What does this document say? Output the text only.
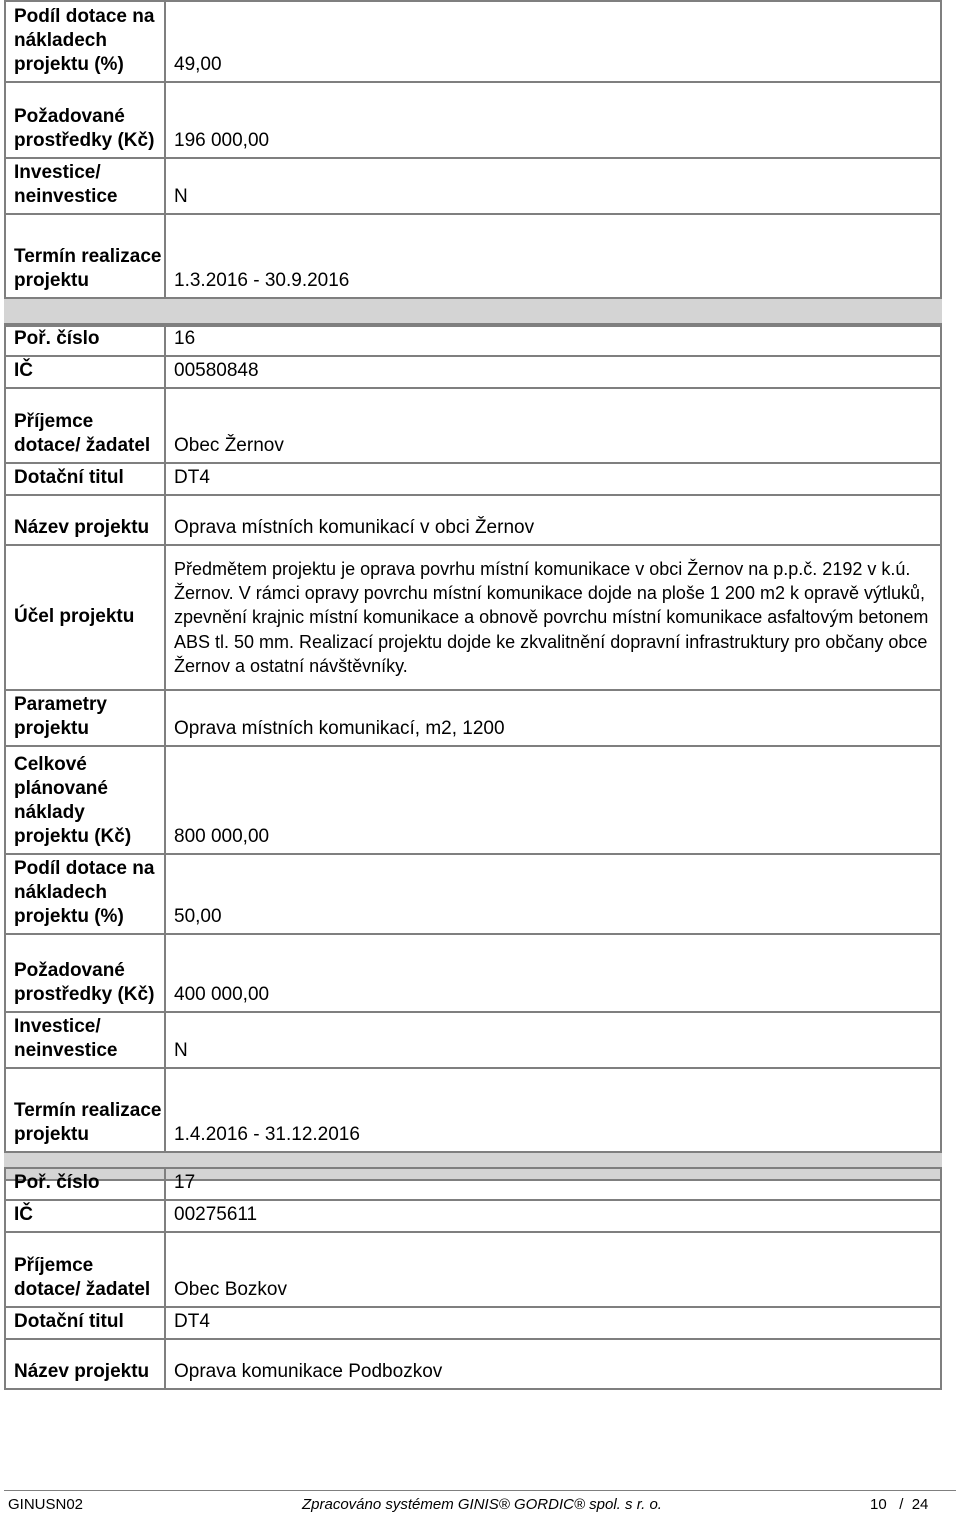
Podíl dotace na nákladech projektu (%)	49,00
Požadované prostředky (Kč)	196 000,00
Investice/ neinvestice	N
Termín realizace projektu	1.3.2016 - 30.9.2016

Poř. číslo	16
IČ	00580848
Příjemce dotace/ žadatel	Obec Žernov
Dotační titul	DT4
Název projektu	Oprava místních komunikací v obci Žernov
Účel projektu	Předmětem projektu je oprava povrhu místní komunikace v obci Žernov na p.p.č. 2192 v k.ú. Žernov. V rámci opravy povrchu místní komunikace dojde na ploše 1 200 m2 k opravě výtluků, zpevnění krajnic místní komunikace a obnově povrchu místní komunikace asfaltovým betonem ABS tl. 50 mm. Realizací projektu dojde ke zkvalitnění dopravní infrastruktury pro občany obce Žernov a ostatní návštěvníky.
Parametry projektu	Oprava místních komunikací, m2, 1200
Celkové plánované náklady projektu (Kč)	800 000,00
Podíl dotace na nákladech projektu (%)	50,00
Požadované prostředky (Kč)	400 000,00
Investice/ neinvestice	N
Termín realizace projektu	1.4.2016 - 31.12.2016

Poř. číslo	17
IČ	00275611
Příjemce dotace/ žadatel	Obec Bozkov
Dotační titul	DT4
Název projektu	Oprava komunikace Podbozkov
GINUSN02	Zpracováno systémem GINIS® GORDIC® spol. s r. o.	10 / 24
